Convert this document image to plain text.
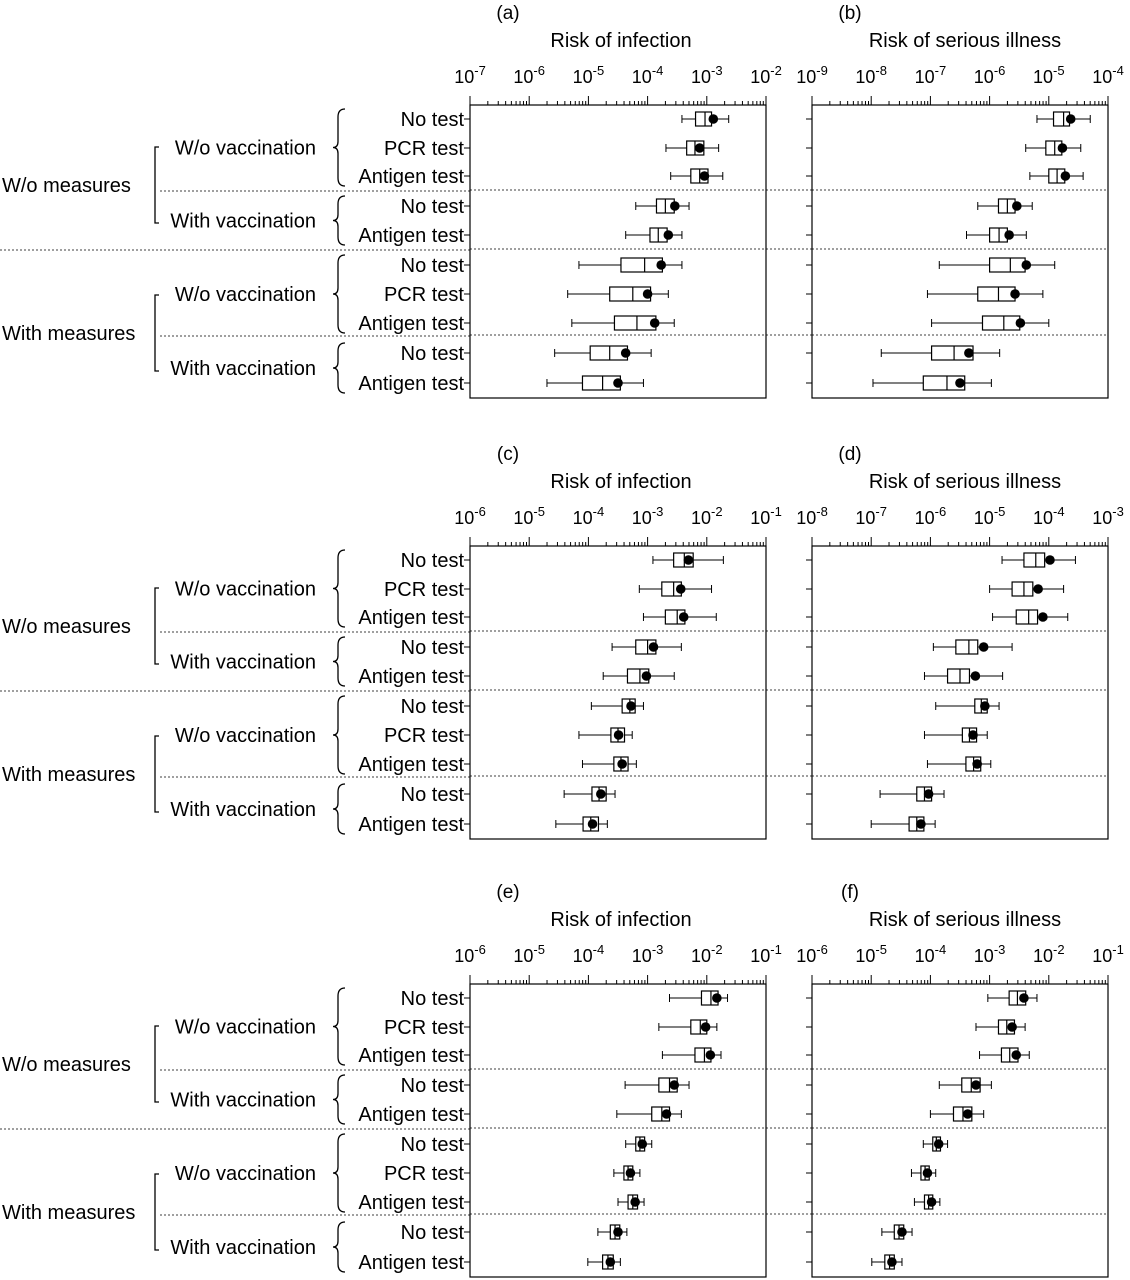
(a)
Risk of infection
$10^{-7}$ $10^{-6}$ $10^{-5}$ $10^{-4}$ $10^{-3}$ $10^{-2}$
No test
PCR test
Antigen test
No test
Antigen test
No test
PCR test
Antigen test
No test
Antigen test
W/o vaccination
With vaccination
W/o vaccination
With vaccination
W/o measures
With measures
(b)
Risk of serious illness
$10^{-9}$ $10^{-8}$ $10^{-7}$ $10^{-6}$ $10^{-5}$ $10^{-4}$
(c)
Risk of infection
$10^{-6}$ $10^{-5}$ $10^{-4}$ $10^{-3}$ $10^{-2}$ $10^{-1}$
No test
PCR test
Antigen test
No test
Antigen test
No test
PCR test
Antigen test
No test
Antigen test
W/o vaccination
With vaccination
W/o vaccination
With vaccination
W/o measures
With measures
(d)
Risk of serious illness
$10^{-8}$ $10^{-7}$ $10^{-6}$ $10^{-5}$ $10^{-4}$ $10^{-3}$
(e)
Risk of infection
$10^{-6}$ $10^{-5}$ $10^{-4}$ $10^{-3}$ $10^{-2}$ $10^{-1}$
No test
PCR test
Antigen test
No test
Antigen test
No test
PCR test
Antigen test
No test
Antigen test
W/o vaccination
With vaccination
W/o vaccination
With vaccination
W/o measures
With measures
(f)
Risk of serious illness
$10^{-6}$ $10^{-5}$ $10^{-4}$ $10^{-3}$ $10^{-2}$ $10^{-1}$
